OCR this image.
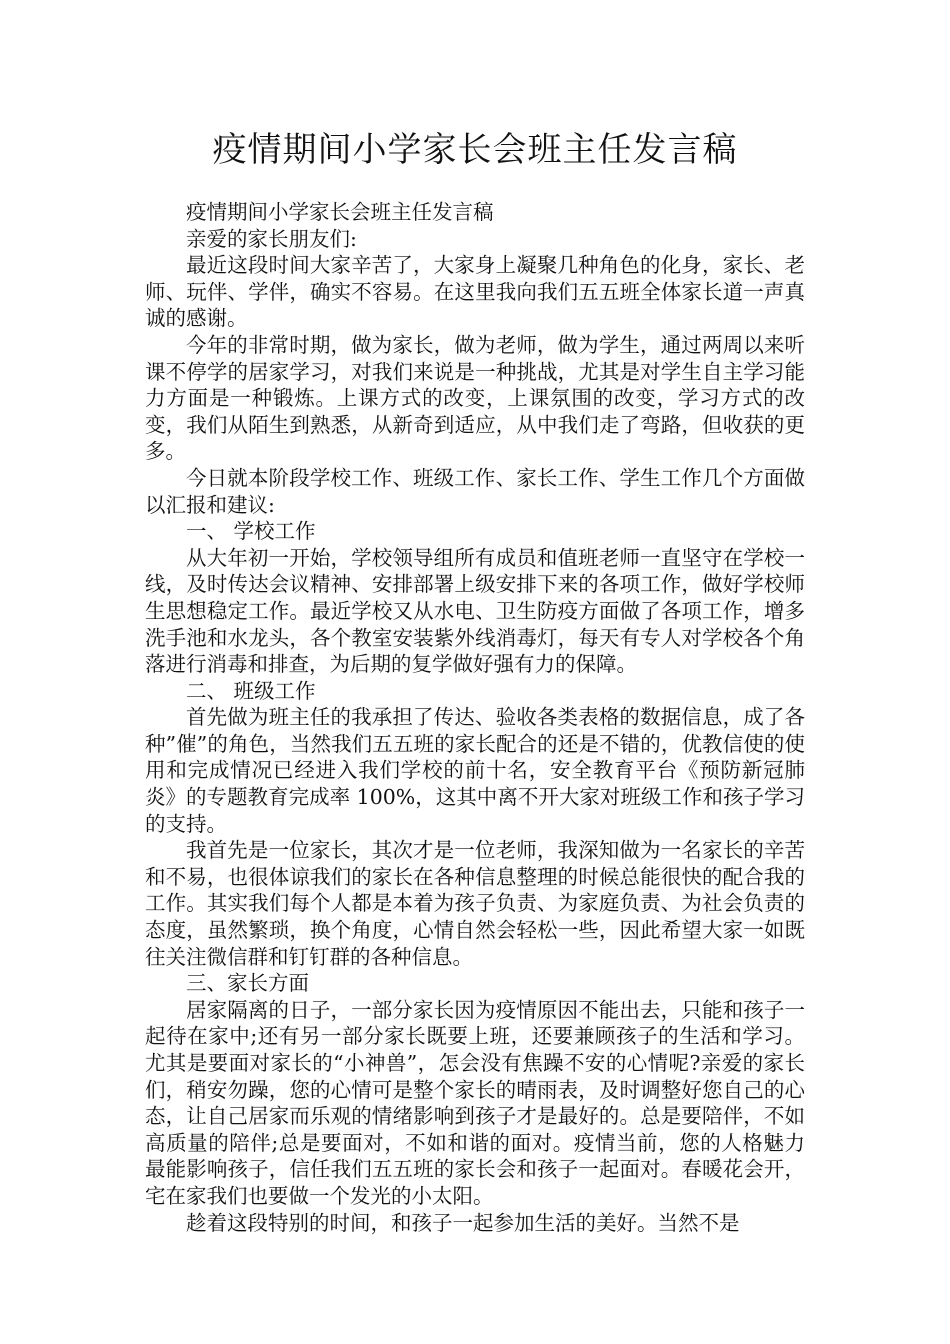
疫情期间小学家长会班主任发言稿

疫情期间小学家长会班主任发言稿

亲爱的家长朋友们:

最近这段时间大家辛苦了，大家身上凝聚几种角色的化身，家长、老师、玩伴、学伴，确实不容易。在这里我向我们五五班全体家长道一声真诚的感谢。

今年的非常时期，做为家长，做为老师，做为学生，通过两周以来听课不停学的居家学习，对我们来说是一种挑战，尤其是对学生自主学习能力方面是一种锻炼。上课方式的改变，上课氛围的改变，学习方式的改变，我们从陌生到熟悉，从新奇到适应，从中我们走了弯路，但收获的更多。

今日就本阶段学校工作、班级工作、家长工作、学生工作几个方面做以汇报和建议:

一、 学校工作

从大年初一开始，学校领导组所有成员和值班老师一直坚守在学校一线，及时传达会议精神、安排部署上级安排下来的各项工作，做好学校师生思想稳定工作。最近学校又从水电、卫生防疫方面做了各项工作，增多洗手池和水龙头，各个教室安装紫外线消毒灯，每天有专人对学校各个角落进行消毒和排查，为后期的复学做好强有力的保障。

二、 班级工作

首先做为班主任的我承担了传达、验收各类表格的数据信息，成了各种”催”的角色，当然我们五五班的家长配合的还是不错的，优教信使的使用和完成情况已经进入我们学校的前十名，安全教育平台《预防新冠肺炎》的专题教育完成率 100%，这其中离不开大家对班级工作和孩子学习的支持。

我首先是一位家长，其次才是一位老师，我深知做为一名家长的辛苦和不易，也很体谅我们的家长在各种信息整理的时候总能很快的配合我的工作。其实我们每个人都是本着为孩子负责、为家庭负责、为社会负责的态度，虽然繁琐，换个角度，心情自然会轻松一些，因此希望大家一如既往关注微信群和钉钉群的各种信息。

三、家长方面

居家隔离的日子，一部分家长因为疫情原因不能出去，只能和孩子一起待在家中;还有另一部分家长既要上班，还要兼顾孩子的生活和学习。尤其是要面对家长的“小神兽”，怎会没有焦躁不安的心情呢?亲爱的家长们，稍安勿躁，您的心情可是整个家长的晴雨表，及时调整好您自己的心态，让自己居家而乐观的情绪影响到孩子才是最好的。总是要陪伴，不如高质量的陪伴;总是要面对，不如和谐的面对。疫情当前，您的人格魅力最能影响孩子，信任我们五五班的家长会和孩子一起面对。春暖花会开，宅在家我们也要做一个发光的小太阳。

趁着这段特别的时间，和孩子一起参加生活的美好。当然不是
